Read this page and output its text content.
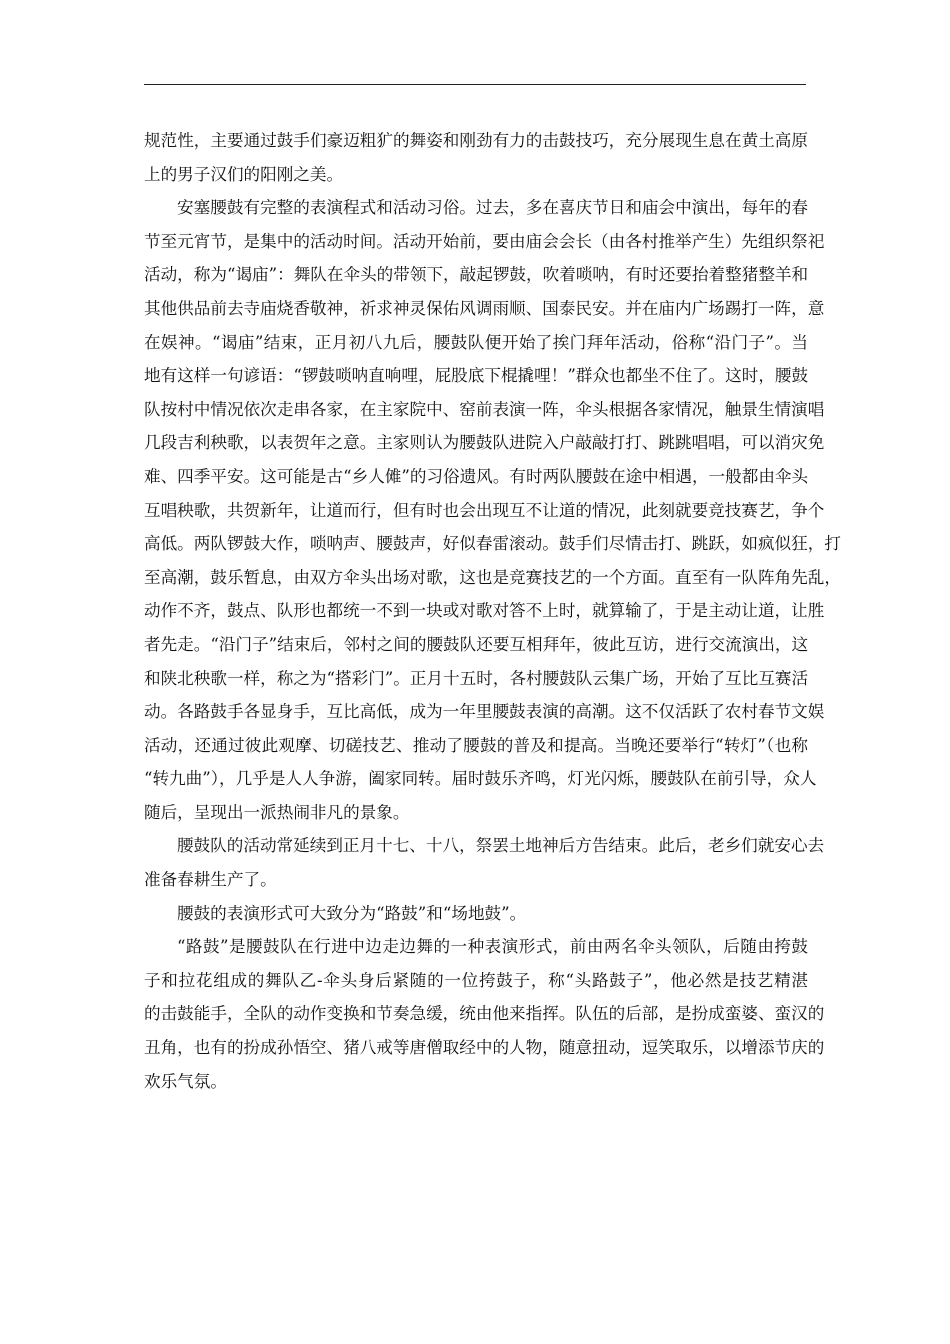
规范性，主要通过鼓手们豪迈粗犷的舞姿和刚劲有力的击鼓技巧，充分展现生息在黄土高原
上的男子汉们的阳刚之美。
安塞腰鼓有完整的表演程式和活动习俗。过去，多在喜庆节日和庙会中演出，每年的春
节至元宵节，是集中的活动时间。活动开始前，要由庙会会长（由各村推举产生）先组织祭祀
活动，称为“谒庙”：舞队在伞头的带领下，敲起锣鼓，吹着唢呐，有时还要抬着整猪整羊和
其他供品前去寺庙烧香敬神，祈求神灵保佑风调雨顺、国泰民安。并在庙内广场踢打一阵，意
在娱神。“谒庙”结束，正月初八九后，腰鼓队便开始了挨门拜年活动，俗称“沿门子”。当
地有这样一句谚语：“锣鼓唢呐直响哩，屁股底下棍撬哩！”群众也都坐不住了。这时，腰鼓
队按村中情况依次走串各家，在主家院中、窑前表演一阵，伞头根据各家情况，触景生情演唱
几段吉利秧歌，以表贺年之意。主家则认为腰鼓队进院入户敲敲打打、跳跳唱唱，可以消灾免
难、四季平安。这可能是古“乡人傩”的习俗遗风。有时两队腰鼓在途中相遇，一般都由伞头
互唱秧歌，共贺新年，让道而行，但有时也会出现互不让道的情况，此刻就要竞技赛艺，争个
高低。两队锣鼓大作，唢呐声、腰鼓声，好似春雷滚动。鼓手们尽情击打、跳跃，如疯似狂，打
至高潮，鼓乐暂息，由双方伞头出场对歌，这也是竞赛技艺的一个方面。直至有一队阵角先乱，
动作不齐，鼓点、队形也都统一不到一块或对歌对答不上时，就算输了，于是主动让道，让胜
者先走。“沿门子”结束后，邻村之间的腰鼓队还要互相拜年，彼此互访，进行交流演出，这
和陕北秧歌一样，称之为“搭彩门”。正月十五时，各村腰鼓队云集广场，开始了互比互赛活
动。各路鼓手各显身手，互比高低，成为一年里腰鼓表演的高潮。这不仅活跃了农村春节文娱
活动，还通过彼此观摩、切磋技艺、推动了腰鼓的普及和提高。当晚还要举行“转灯”（也称
“转九曲”），几乎是人人争游，阖家同转。届时鼓乐齐鸣，灯光闪烁，腰鼓队在前引导，众人
随后，呈现出一派热闹非凡的景象。
腰鼓队的活动常延续到正月十七、十八，祭罢土地神后方告结束。此后，老乡们就安心去
准备春耕生产了。
腰鼓的表演形式可大致分为“路鼓”和“场地鼓”。
“路鼓”是腰鼓队在行进中边走边舞的一种表演形式，前由两名伞头领队，后随由挎鼓
子和拉花组成的舞队乙-伞头身后紧随的一位挎鼓子，称“头路鼓子”，他必然是技艺精湛
的击鼓能手，全队的动作变换和节奏急缓，统由他来指挥。队伍的后部，是扮成蛮婆、蛮汉的
丑角，也有的扮成孙悟空、猪八戒等唐僧取经中的人物，随意扭动，逗笑取乐，以增添节庆的
欢乐气氛。
